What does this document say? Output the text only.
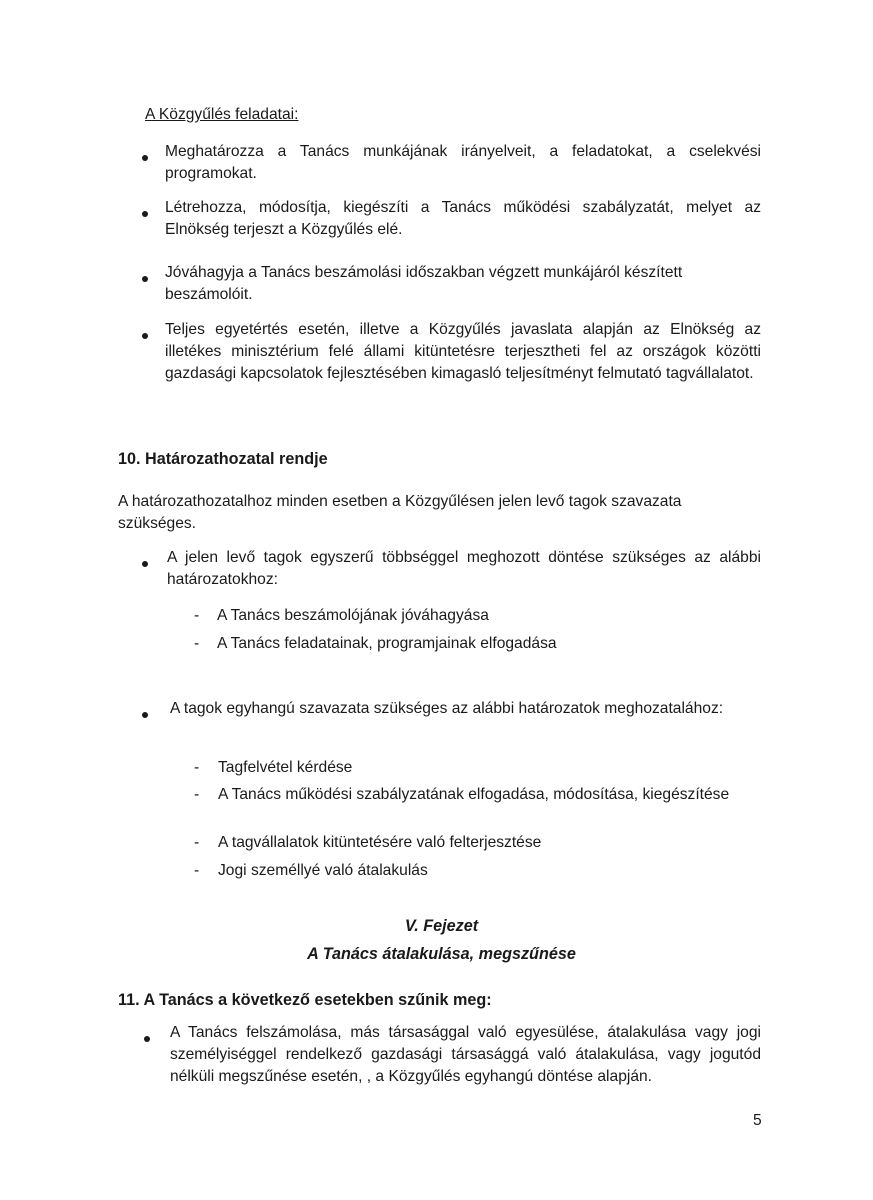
A Közgyűlés feladatai:
Meghatározza a Tanács munkájának irányelveit, a feladatokat, a cselekvési programokat.
Létrehozza, módosítja, kiegészíti a Tanács működési szabályzatát, melyet az Elnökség terjeszt a Közgyűlés elé.
Jóváhagyja a Tanács beszámolási időszakban végzett munkájáról készített beszámolóit.
Teljes egyetértés esetén, illetve a Közgyűlés javaslata alapján az Elnökség az illetékes minisztérium felé állami kitüntetésre terjesztheti fel az országok közötti gazdasági kapcsolatok fejlesztésében kimagasló teljesítményt felmutató tagvállalatot.
10. Határozathozatal rendje
A határozathozatalhoz minden esetben a Közgyűlésen jelen levő tagok szavazata szükséges.
A jelen levő tagok egyszerű többséggel meghozott döntése szükséges az alábbi határozatokhoz:
- A Tanács beszámolójának jóváhagyása
- A Tanács feladatainak, programjainak elfogadása
A tagok egyhangú szavazata szükséges az alábbi határozatok meghozatalához:
- Tagfelvétel kérdése
- A Tanács működési szabályzatának elfogadása, módosítása, kiegészítése
- A tagvállalatok kitüntetésére való felterjesztése
- Jogi személlyé való átalakulás
V. Fejezet
A Tanács átalakulása, megszűnése
11. A Tanács a következő esetekben szűnik meg:
A Tanács felszámolása, más társasággal való egyesülése, átalakulása vagy jogi személyiséggel rendelkező gazdasági társasággá való átalakulása, vagy jogutód nélküli megszűnése esetén, , a Közgyűlés egyhangú döntése alapján.
5
